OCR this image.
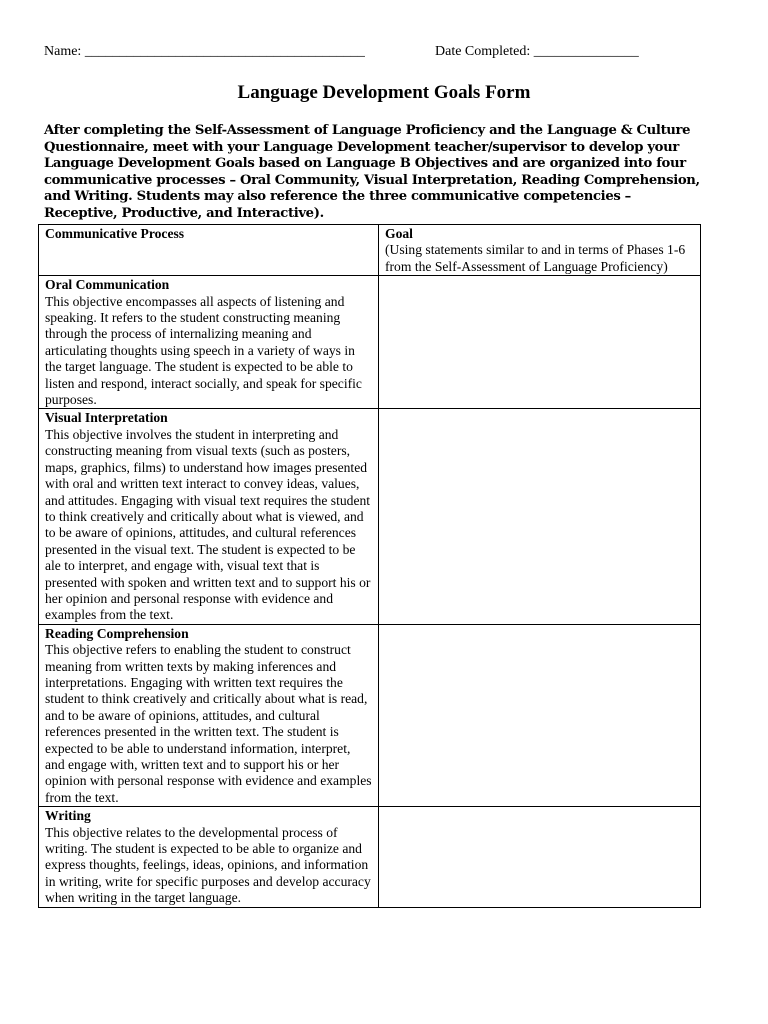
Name: ________________________________________	Date Completed: _______________
Language Development Goals Form
After completing the Self-Assessment of Language Proficiency and the Language & Culture Questionnaire, meet with your Language Development teacher/supervisor to develop your Language Development Goals based on Language B Objectives and are organized into four communicative processes – Oral Community, Visual Interpretation, Reading Comprehension, and Writing. Students may also reference the three communicative competencies – Receptive, Productive, and Interactive).
Communicative Process	Goal
(Using statements similar to and in terms of Phases 1-6 from the Self-Assessment of Language Proficiency)

Oral Communication
This objective encompasses all aspects of listening and speaking. It refers to the student constructing meaning through the process of internalizing meaning and articulating thoughts using speech in a variety of ways in the target language. The student is expected to be able to listen and respond, interact socially, and speak for specific purposes.	

Visual Interpretation
This objective involves the student in interpreting and constructing meaning from visual texts (such as posters, maps, graphics, films) to understand how images presented with oral and written text interact to convey ideas, values, and attitudes. Engaging with visual text requires the student to think creatively and critically about what is viewed, and to be aware of opinions, attitudes, and cultural references presented in the visual text. The student is expected to be ale to interpret, and engage with, visual text that is presented with spoken and written text and to support his or her opinion and personal response with evidence and examples from the text.	

Reading Comprehension
This objective refers to enabling the student to construct meaning from written texts by making inferences and interpretations. Engaging with written text requires the student to think creatively and critically about what is read, and to be aware of opinions, attitudes, and cultural references presented in the written text. The student is expected to be able to understand information, interpret, and engage with, written text and to support his or her opinion with personal response with evidence and examples from the text.	

Writing
This objective relates to the developmental process of writing. The student is expected to be able to organize and express thoughts, feelings, ideas, opinions, and information in writing, write for specific purposes and develop accuracy when writing in the target language.	
